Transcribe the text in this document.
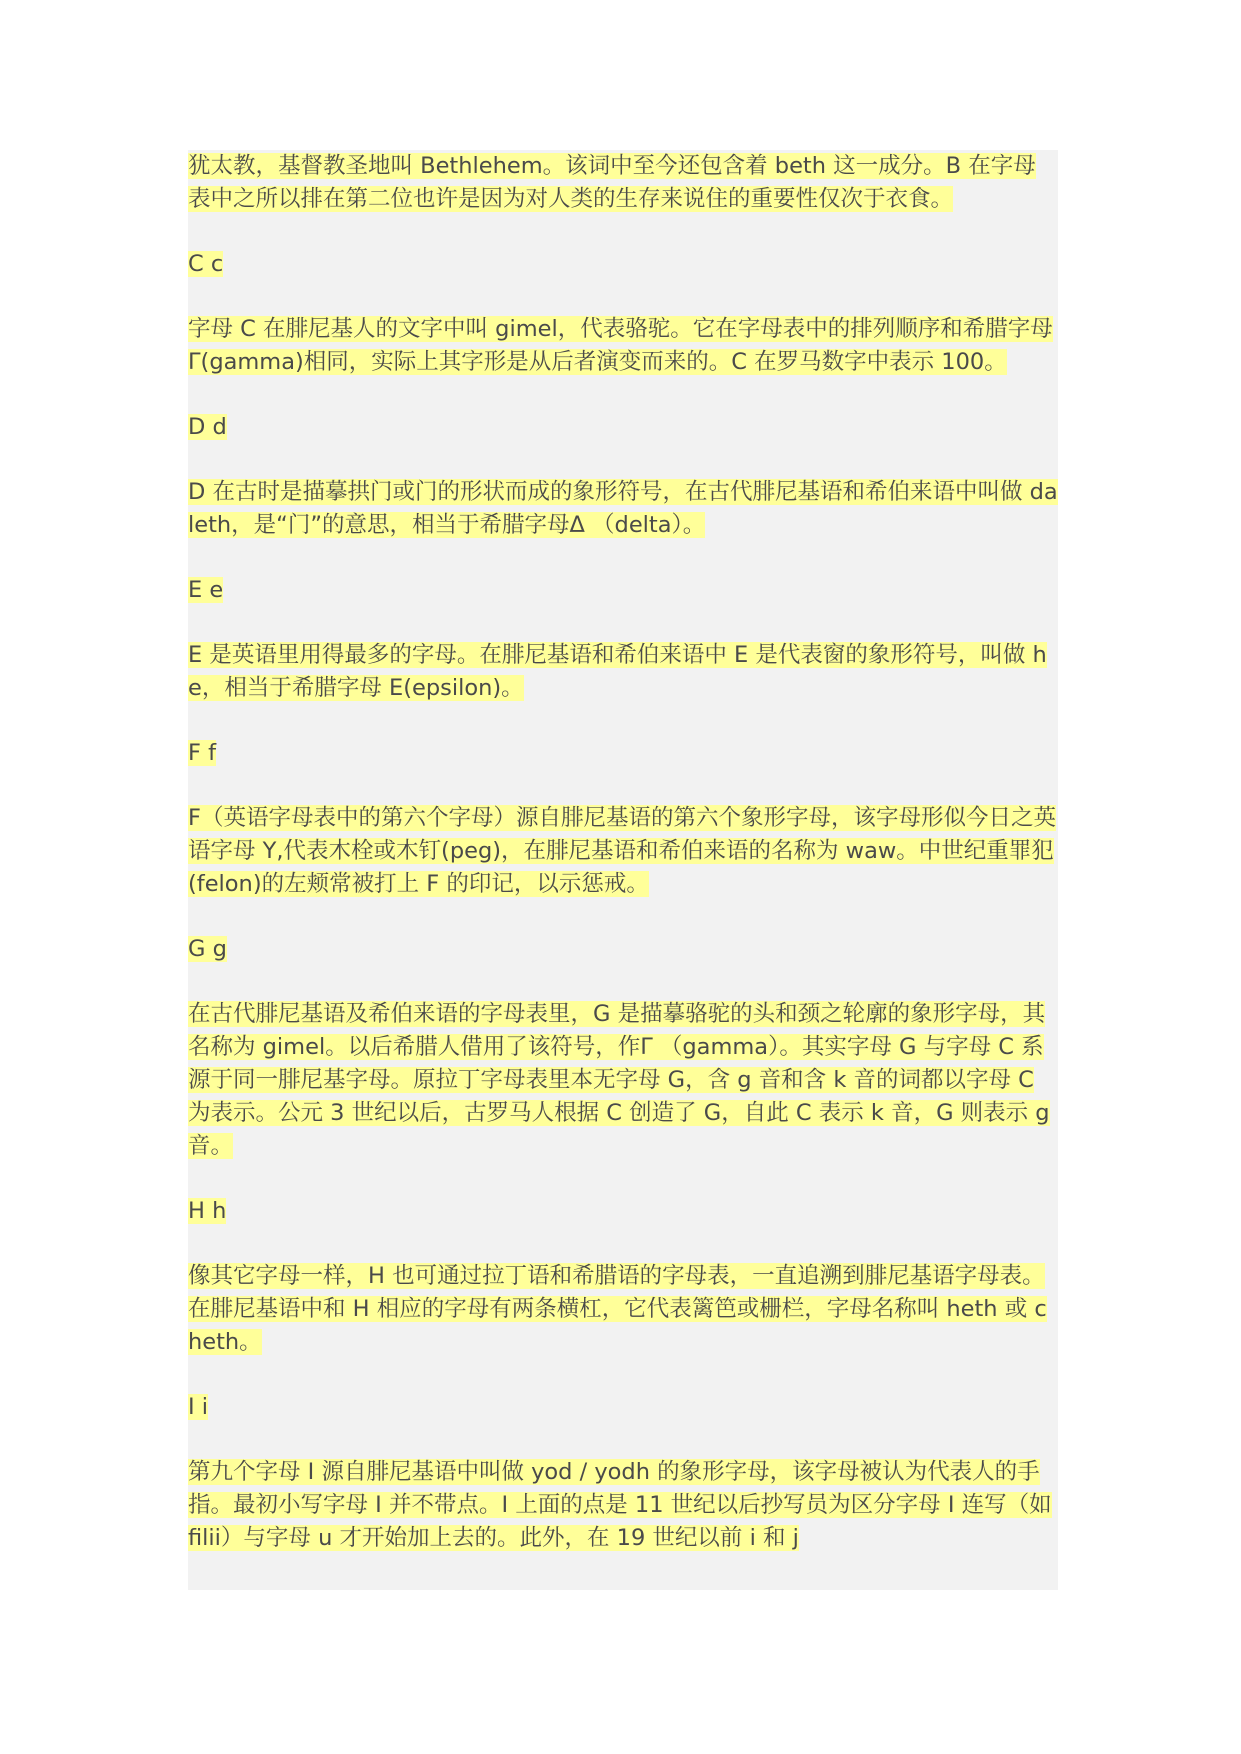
犹太教，基督教圣地叫 Bethlehem。该词中至今还包含着 beth 这一成分。B 在字母表中之所以排在第二位也许是因为对人类的生存来说住的重要性仅次于衣食。

C c

字母 C 在腓尼基人的文字中叫 gimel，代表骆驼。它在字母表中的排列顺序和希腊字母 Γ(gamma)相同，实际上其字形是从后者演变而来的。C 在罗马数字中表示 100。

D d

D 在古时是描摹拱门或门的形状而成的象形符号，在古代腓尼基语和希伯来语中叫做 daleth，是“门”的意思，相当于希腊字母Δ （delta）。

E e

E 是英语里用得最多的字母。在腓尼基语和希伯来语中 E 是代表窗的象形符号，叫做 he，相当于希腊字母 E(epsilon)。

F f

F（英语字母表中的第六个字母）源自腓尼基语的第六个象形字母，该字母形似今日之英语字母 Y,代表木栓或木钉(peg)，在腓尼基语和希伯来语的名称为 waw。中世纪重罪犯(felon)的左颊常被打上 F 的印记，以示惩戒。

G g

在古代腓尼基语及希伯来语的字母表里，G 是描摹骆驼的头和颈之轮廓的象形字母，其名称为 gimel。以后希腊人借用了该符号，作Γ （gamma）。其实字母 G 与字母 C 系源于同一腓尼基字母。原拉丁字母表里本无字母 G，含 g 音和含 k 音的词都以字母 C 为表示。公元 3 世纪以后，古罗马人根据 C 创造了 G，自此 C 表示 k 音，G 则表示 g 音。

H h

像其它字母一样，H 也可通过拉丁语和希腊语的字母表，一直追溯到腓尼基语字母表。在腓尼基语中和 H 相应的字母有两条横杠，它代表篱笆或栅栏，字母名称叫 heth 或 cheth。

I i

第九个字母 I 源自腓尼基语中叫做 yod / yodh 的象形字母，该字母被认为代表人的手指。最初小写字母 I 并不带点。I 上面的点是 11 世纪以后抄写员为区分字母 I 连写（如 filii）与字母 u 才开始加上去的。此外，在 19 世纪以前 i 和 j
